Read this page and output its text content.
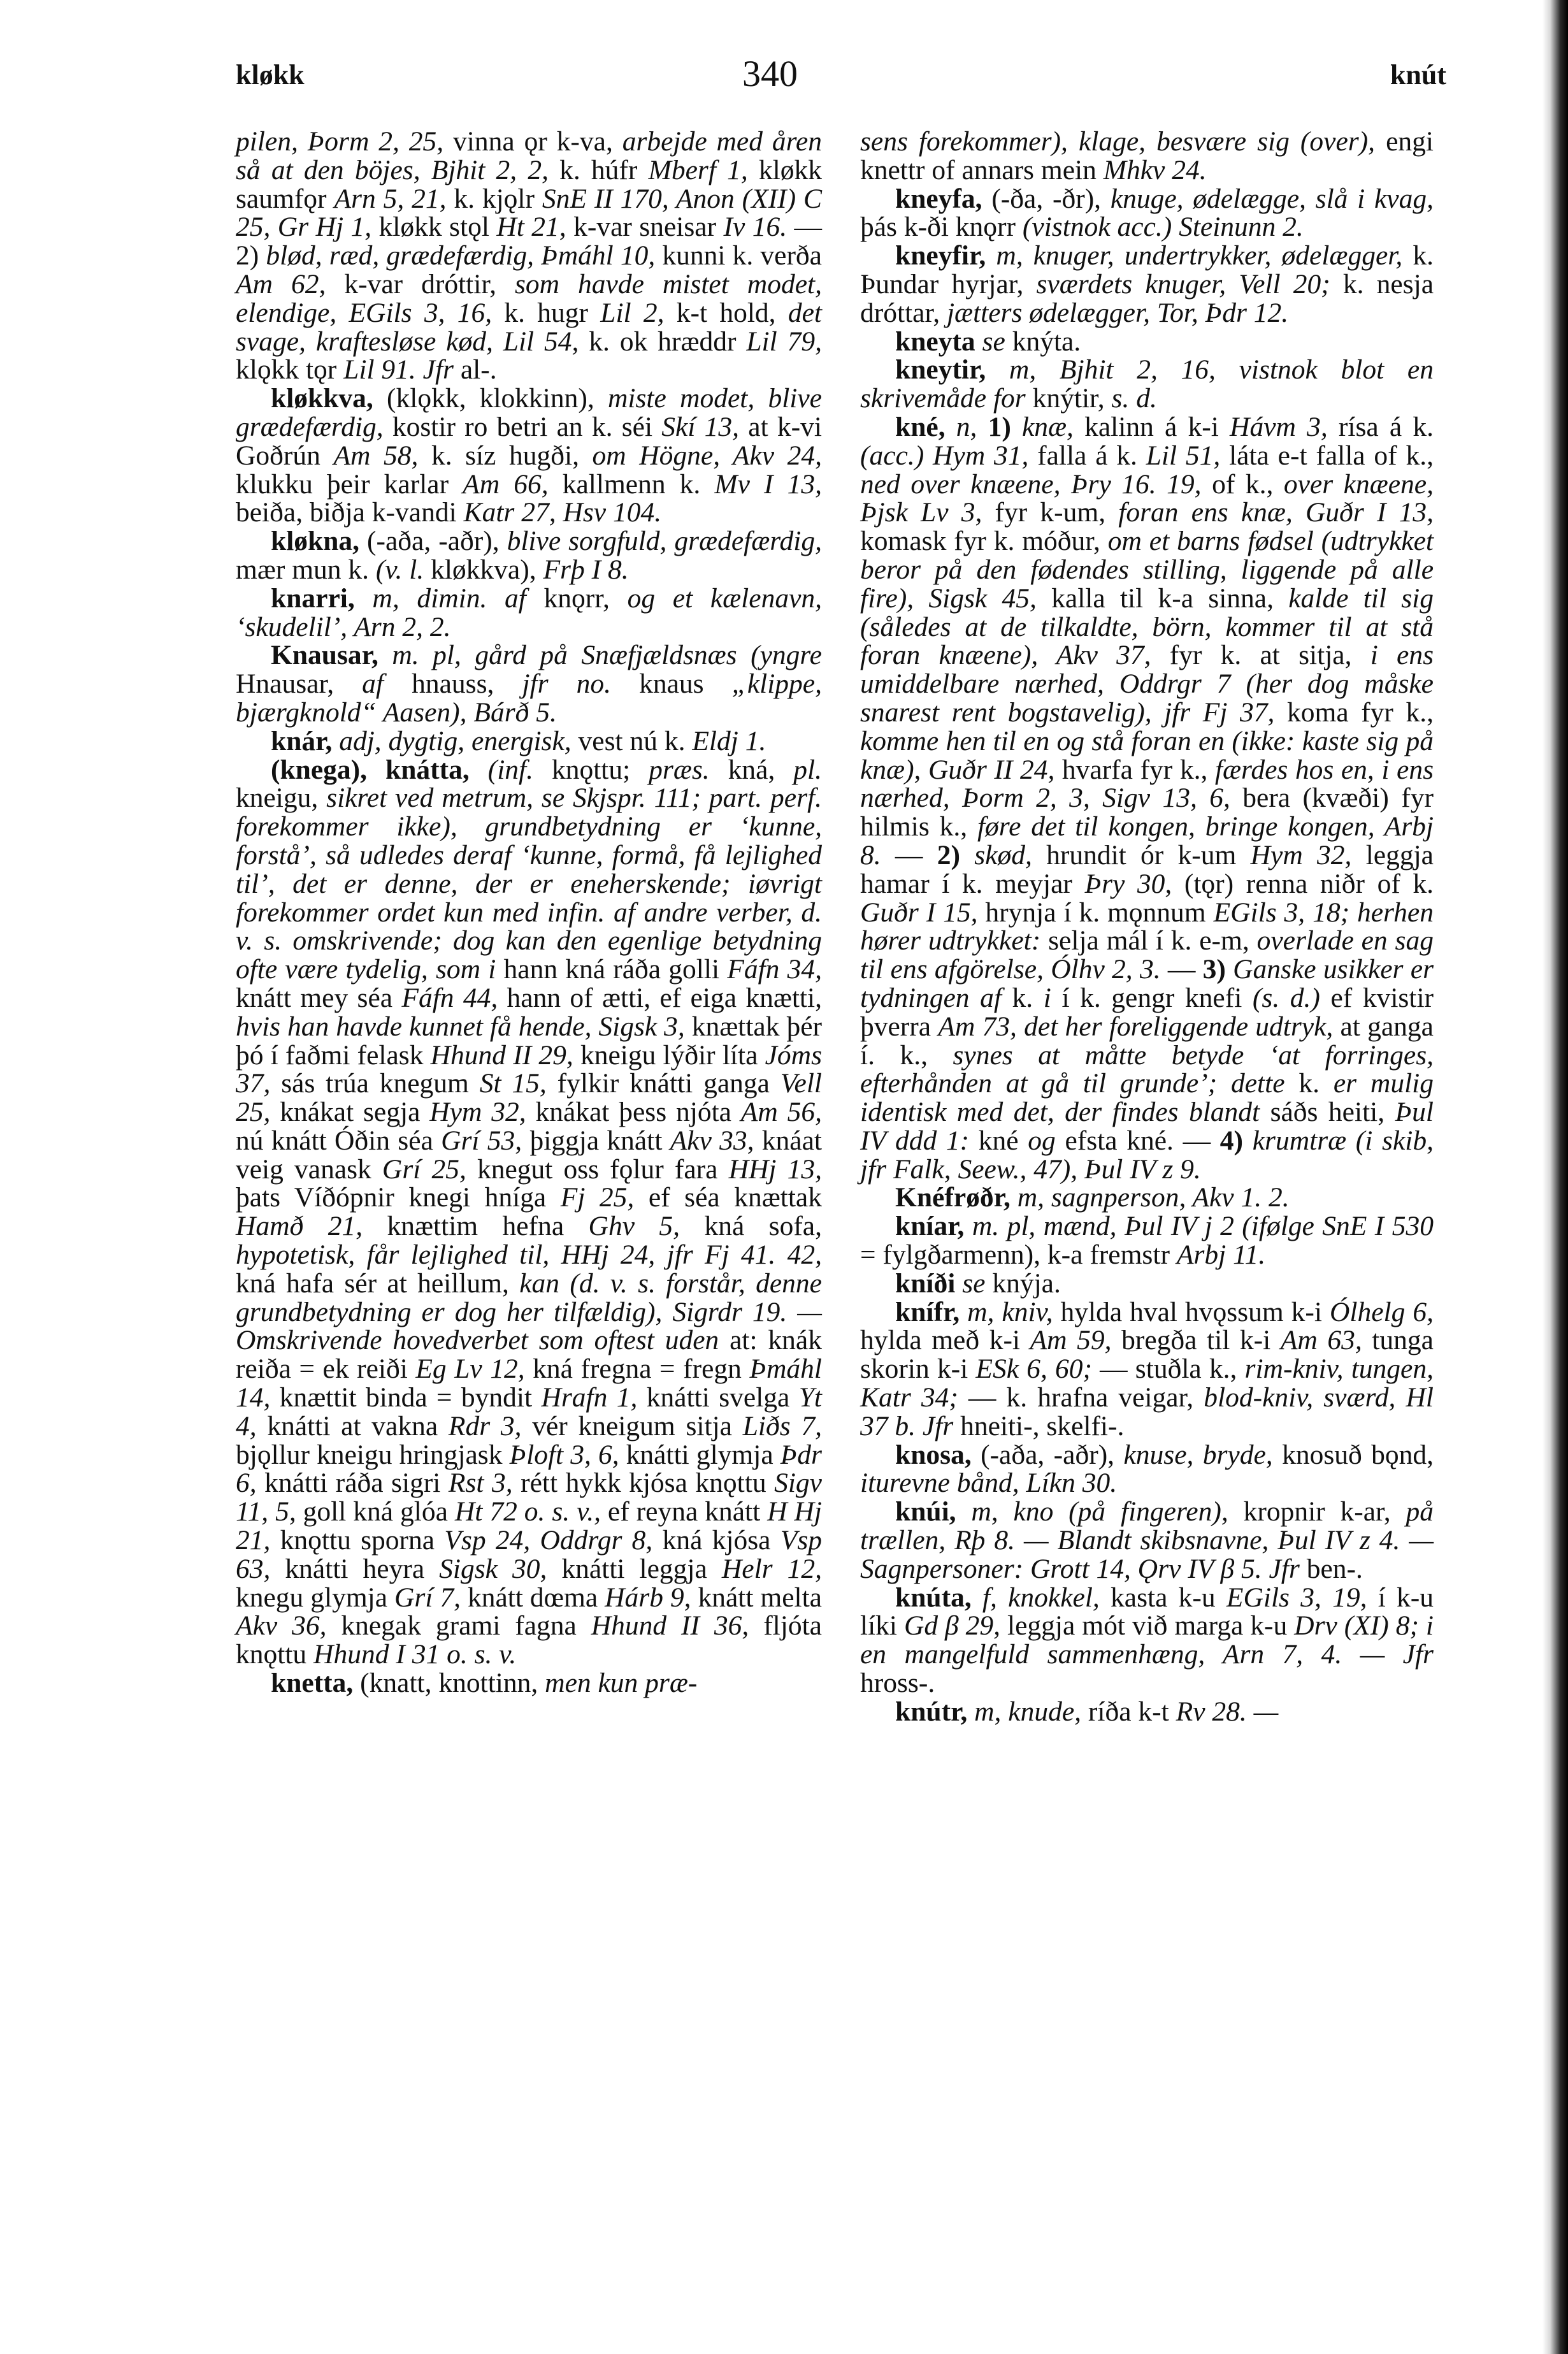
kløkk	340	knút

pilen, Þorm 2, 25, vinna ǫr k-va, arbejde med åren så at den böjes, Bjhit 2, 2, k. húfr Mberf 1, kløkk saumfǫr Arn 5, 21, k. kjǫlr SnE II 170, Anon (XII) C 25, Gr Hj 1, kløkk stǫl Ht 21, k-var sneisar Iv 16. — 2) blød, ræd, grædefærdig, Þmáhl 10, kunni k. verða Am 62, k-var dróttir, som havde mistet modet, elendige, EGils 3, 16, k. hugr Lil 2, k-t hold, det svage, kraftesløse kød, Lil 54, k. ok hræddr Lil 79, klǫkk tǫr Lil 91. Jfr al-.

kløkkva, (klǫkk, klokkinn), miste modet, blive grædefærdig, kostir ro betri an k. séi Skí 13, at k-vi Goðrún Am 58, k. síz hugði, om Högne, Akv 24, klukku þeir karlar Am 66, kallmenn k. Mv I 13, beiða, biðja k-vandi Katr 27, Hsv 104.

kløkna, (-aða, -aðr), blive sorgfuld, grædefærdig, mær mun k. (v. l. kløkkva), Frþ I 8.

knarri, m, dimin. af knǫrr, og et kælenavn, ‘skudelil’, Arn 2, 2.

Knausar, m. pl, gård på Snæfjældsnæs (yngre Hnausar, af hnauss, jfr no. knaus „klippe, bjærgknold“ Aasen), Bárð 5.

knár, adj, dygtig, energisk, vest nú k. Eldj 1.

(knega), knátta, (inf. knǫttu; præs. kná, pl. kneigu, sikret ved metrum, se Skjspr. 111; part. perf. forekommer ikke), grundbetydning er ‘kunne, forstå’, så udledes deraf ‘kunne, formå, få lejlighed til’, det er denne, der er eneherskende; iøvrigt forekommer ordet kun med infin. af andre verber, d. v. s. omskrivende; dog kan den egenlige betydning ofte være tydelig, som i hann kná ráða golli Fáfn 34, knátt mey séa Fáfn 44, hann of ætti, ef eiga knætti, hvis han havde kunnet få hende, Sigsk 3, knættak þér þó í faðmi felask Hhund II 29, kneigu lýðir líta Jóms 37, sás trúa knegum St 15, fylkir knátti ganga Vell 25, knákat segja Hym 32, knákat þess njóta Am 56, nú knátt Óðin séa Grí 53, þiggja knátt Akv 33, knáat veig vanask Grí 25, knegut oss fǫlur fara HHj 13, þats Víðópnir knegi hníga Fj 25, ef séa knættak Hamð 21, knættim hefna Ghv 5, kná sofa, hypotetisk, får lejlighed til, HHj 24, jfr Fj 41. 42, kná hafa sér at heillum, kan (d. v. s. forstår, denne grundbetydning er dog her tilfældig), Sigrdr 19. — Omskrivende hovedverbet som oftest uden at: knák reiða = ek reiði Eg Lv 12, kná fregna = fregn Þmáhl 14, knættit binda = byndit Hrafn 1, knátti svelga Yt 4, knátti at vakna Rdr 3, vér kneigum sitja Liðs 7, bjǫllur kneigu hringjask Þloft 3, 6, knátti glymja Þdr 6, knátti ráða sigri Rst 3, rétt hykk kjósa knǫttu Sigv 11, 5, goll kná glóa Ht 72 o. s. v., ef reyna knátt H Hj 21, knǫttu sporna Vsp 24, Oddrgr 8, kná kjósa Vsp 63, knátti heyra Sigsk 30, knátti leggja Helr 12, knegu glymja Grí 7, knátt dœma Hárb 9, knátt melta Akv 36, knegak grami fagna Hhund II 36, fljóta knǫttu Hhund I 31 o. s. v.

knetta, (knatt, knottinn, men kun præ-

sens forekommer), klage, besvære sig (over), engi knettr of annars mein Mhkv 24.

kneyfa, (-ða, -ðr), knuge, ødelægge, slå i kvag, þás k-ði knǫrr (vistnok acc.) Steinunn 2.

kneyfir, m, knuger, undertrykker, ødelægger, k. Þundar hyrjar, sværdets knuger, Vell 20; k. nesja dróttar, jætters ødelægger, Tor, Þdr 12.

kneyta se knýta.

kneytir, m, Bjhit 2, 16, vistnok blot en skrivemåde for knýtir, s. d.

kné, n, 1) knæ, kalinn á k-i Hávm 3, rísa á k. (acc.) Hym 31, falla á k. Lil 51, láta e-t falla of k., ned over knæene, Þry 16. 19, of k., over knæene, Þjsk Lv 3, fyr k-um, foran ens knæ, Guðr I 13, komask fyr k. móður, om et barns fødsel (udtrykket beror på den fødendes stilling, liggende på alle fire), Sigsk 45, kalla til k-a sinna, kalde til sig (således at de tilkaldte, börn, kommer til at stå foran knæene), Akv 37, fyr k. at sitja, i ens umiddelbare nærhed, Oddrgr 7 (her dog måske snarest rent bogstavelig), jfr Fj 37, koma fyr k., komme hen til en og stå foran en (ikke: kaste sig på knæ), Guðr II 24, hvarfa fyr k., færdes hos en, i ens nærhed, Þorm 2, 3, Sigv 13, 6, bera (kvæði) fyr hilmis k., føre det til kongen, bringe kongen, Arbj 8. — 2) skød, hrundit ór k-um Hym 32, leggja hamar í k. meyjar Þry 30, (tǫr) renna niðr of k. Guðr I 15, hrynja í k. mǫnnum EGils 3, 18; herhen hører udtrykket: selja mál í k. e-m, overlade en sag til ens afgörelse, Ólhv 2, 3. — 3) Ganske usikker er tydningen af k. i í k. gengr knefi (s. d.) ef kvistir þverra Am 73, det her foreliggende udtryk, at ganga í. k., synes at måtte betyde ‘at forringes, efterhånden at gå til grunde’; dette k. er mulig identisk med det, der findes blandt sáðs heiti, Þul IV ddd 1: kné og efsta kné. — 4) krumtræ (i skib, jfr Falk, Seew., 47), Þul IV z 9.

Knéfrøðr, m, sagnperson, Akv 1. 2.

kníar, m. pl, mænd, Þul IV j 2 (ifølge SnE I 530 = fylgðarmenn), k-a fremstr Arbj 11.

kníði se knýja.

knífr, m, kniv, hylda hval hvǫssum k-i Ólhelg 6, hylda með k-i Am 59, bregða til k-i Am 63, tunga skorin k-i ESk 6, 60; — stuðla k., rim-kniv, tungen, Katr 34; — k. hrafna veigar, blod-kniv, sværd, Hl 37 b. Jfr hneiti-, skelfi-.

knosa, (-aða, -aðr), knuse, bryde, knosuð bǫnd, iturevne bånd, Líkn 30.

knúi, m, kno (på fingeren), kropnir k-ar, på trællen, Rþ 8. — Blandt skibsnavne, Þul IV z 4. — Sagnpersoner: Grott 14, Ǫrv IV β 5. Jfr ben-.

knúta, f, knokkel, kasta k-u EGils 3, 19, í k-u líki Gd β 29, leggja mót við marga k-u Drv (XI) 8; i en mangelfuld sammenhæng, Arn 7, 4. — Jfr hross-.

knútr, m, knude, ríða k-t Rv 28. —
